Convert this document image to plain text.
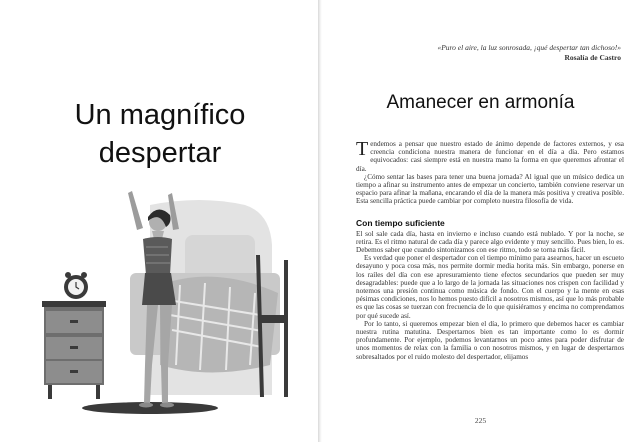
Un magnífico
despertar
«Puro el aire, la luz sonrosada, ¡qué despertar tan dichoso!»
Rosalía de Castro
Amanecer en armonía

Tendemos a pensar que nuestro estado de ánimo depende de factores externos, y esa creencia condiciona nuestra manera de funcionar en el día a día. Pero estamos equivocados: casi siempre está en nuestra mano la forma en que queremos afrontar el día.

¿Cómo sentar las bases para tener una buena jornada? Al igual que un músico dedica un tiempo a afinar su instrumento antes de empezar un concierto, también conviene reservar un espacio para afinar la mañana, encarando el día de la manera más positiva y creativa posible. Esta sencilla práctica puede cambiar por completo nuestra filosofía de vida.

Con tiempo suficiente

El sol sale cada día, hasta en invierno e incluso cuando está nublado. Y por la noche, se retira. Es el ritmo natural de cada día y parece algo evidente y muy sencillo. Pues bien, lo es. Debemos saber que cuando sintonizamos con ese ritmo, todo se torna más fácil.

Es verdad que poner el despertador con el tiempo mínimo para asearnos, hacer un escueto desayuno y poca cosa más, nos permite dormir media horita más. Sin embargo, ponerse en los raíles del día con ese apresuramiento tiene efectos secundarios que pueden ser muy desagradables: puede que a lo largo de la jornada las situaciones nos crispen con facilidad y notemos una presión continua como música de fondo. Con el cuerpo y la mente en esas pésimas condiciones, nos lo hemos puesto difícil a nosotros mismos, así que lo más probable es que las cosas se tuerzan con frecuencia de lo que quisiéramos y encima no comprendamos por qué sucede así.

Por lo tanto, si queremos empezar bien el día, lo primero que debemos hacer es cambiar nuestra rutina matutina. Despertarnos bien es tan importante como lo es dormir profundamente. Por ejemplo, podemos levantarnos un poco antes para poder disfrutar de unos momentos de relax con la familia o con nosotros mismos, y en lugar de despertarnos sobresaltados por el ruido molesto del despertador, elijamos

225
